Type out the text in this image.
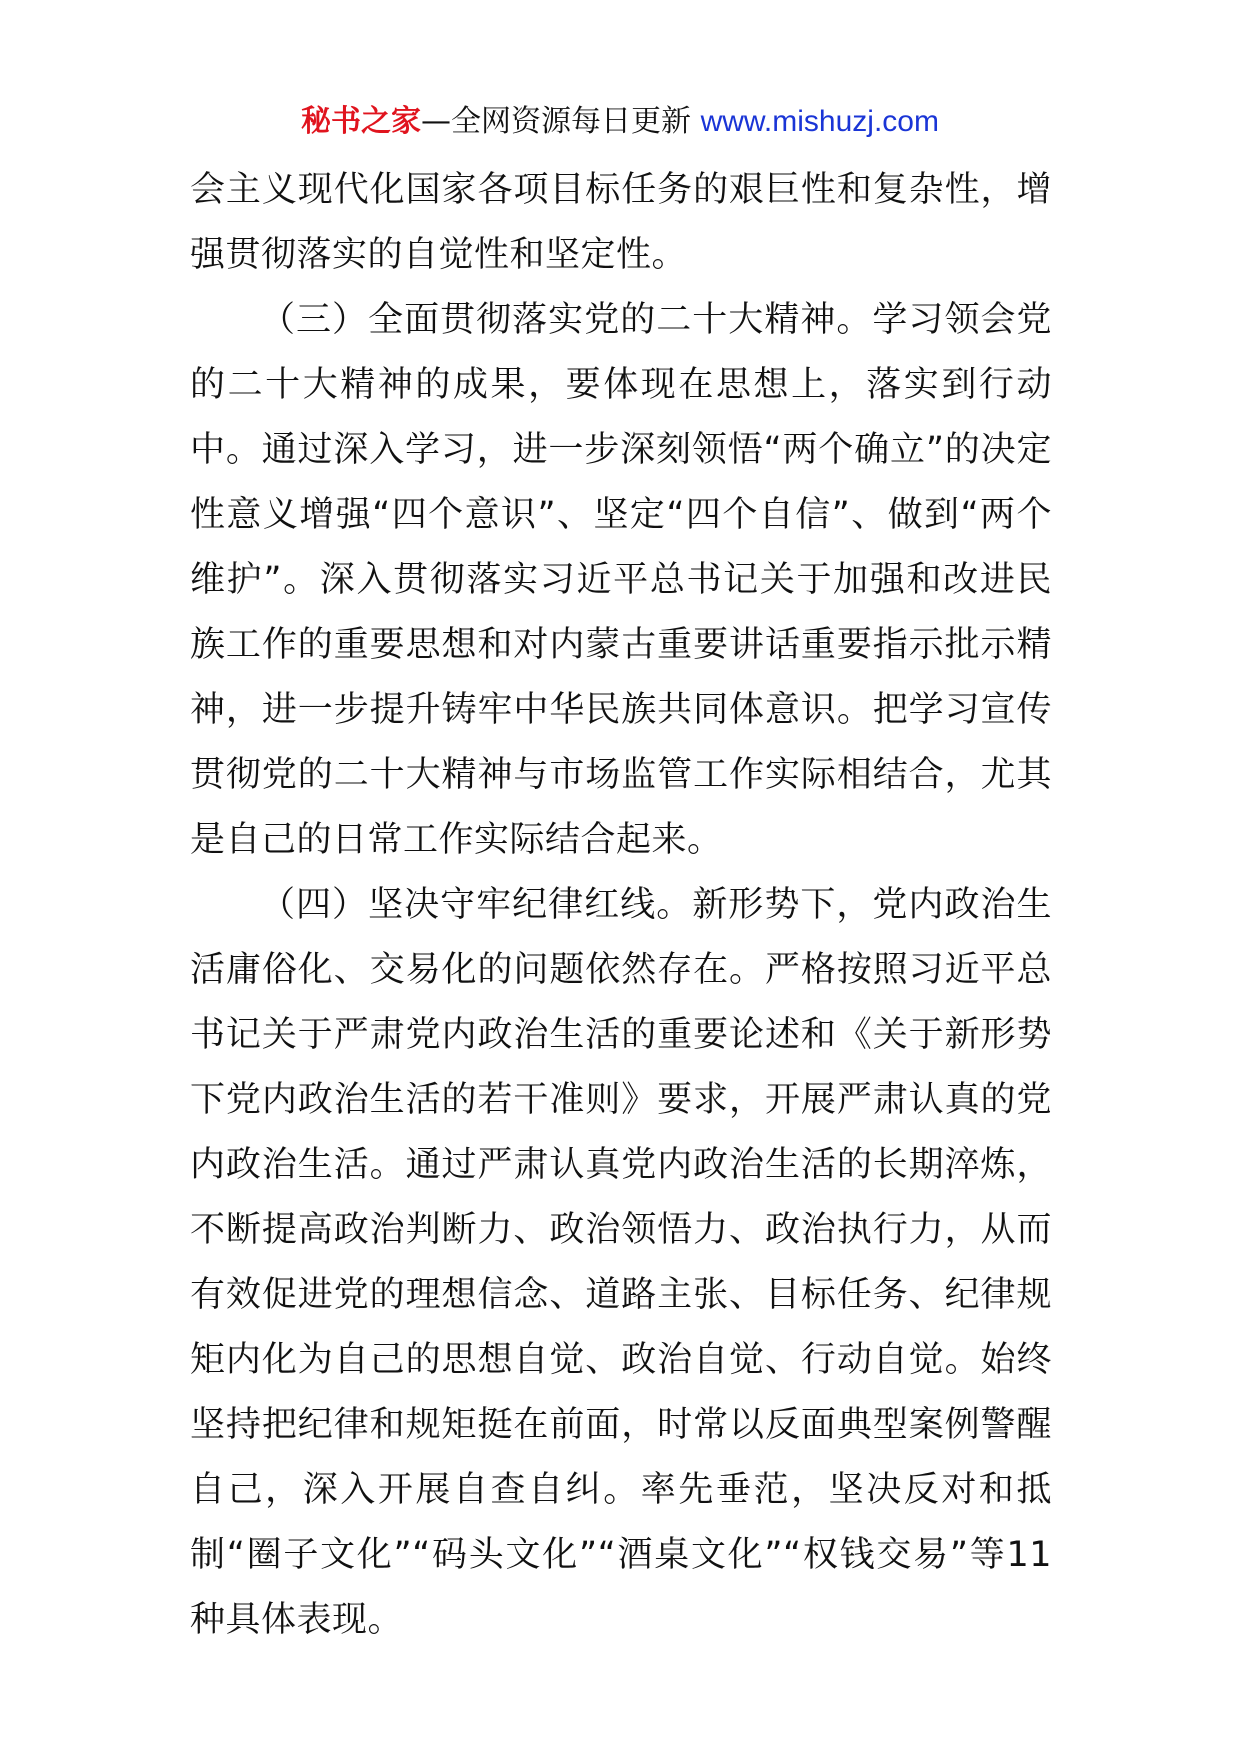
秘书之家—全网资源每日更新 www.mishuzj.com

会主义现代化国家各项目标任务的艰巨性和复杂性，增强贯彻落实的自觉性和坚定性。

（三）全面贯彻落实党的二十大精神。学习领会党的二十大精神的成果，要体现在思想上，落实到行动中。通过深入学习，进一步深刻领悟“两个确立”的决定性意义增强“四个意识”、坚定“四个自信”、做到“两个维护”。深入贯彻落实习近平总书记关于加强和改进民族工作的重要思想和对内蒙古重要讲话重要指示批示精神，进一步提升铸牢中华民族共同体意识。把学习宣传贯彻党的二十大精神与市场监管工作实际相结合，尤其是自己的日常工作实际结合起来。

（四）坚决守牢纪律红线。新形势下，党内政治生活庸俗化、交易化的问题依然存在。严格按照习近平总书记关于严肃党内政治生活的重要论述和《关于新形势下党内政治生活的若干准则》要求，开展严肃认真的党内政治生活。通过严肃认真党内政治生活的长期淬炼，不断提高政治判断力、政治领悟力、政治执行力，从而有效促进党的理想信念、道路主张、目标任务、纪律规矩内化为自己的思想自觉、政治自觉、行动自觉。始终坚持把纪律和规矩挺在前面，时常以反面典型案例警醒自己，深入开展自查自纠。率先垂范，坚决反对和抵制“圈子文化”“码头文化”“酒桌文化”“权钱交易”等11种具体表现。
